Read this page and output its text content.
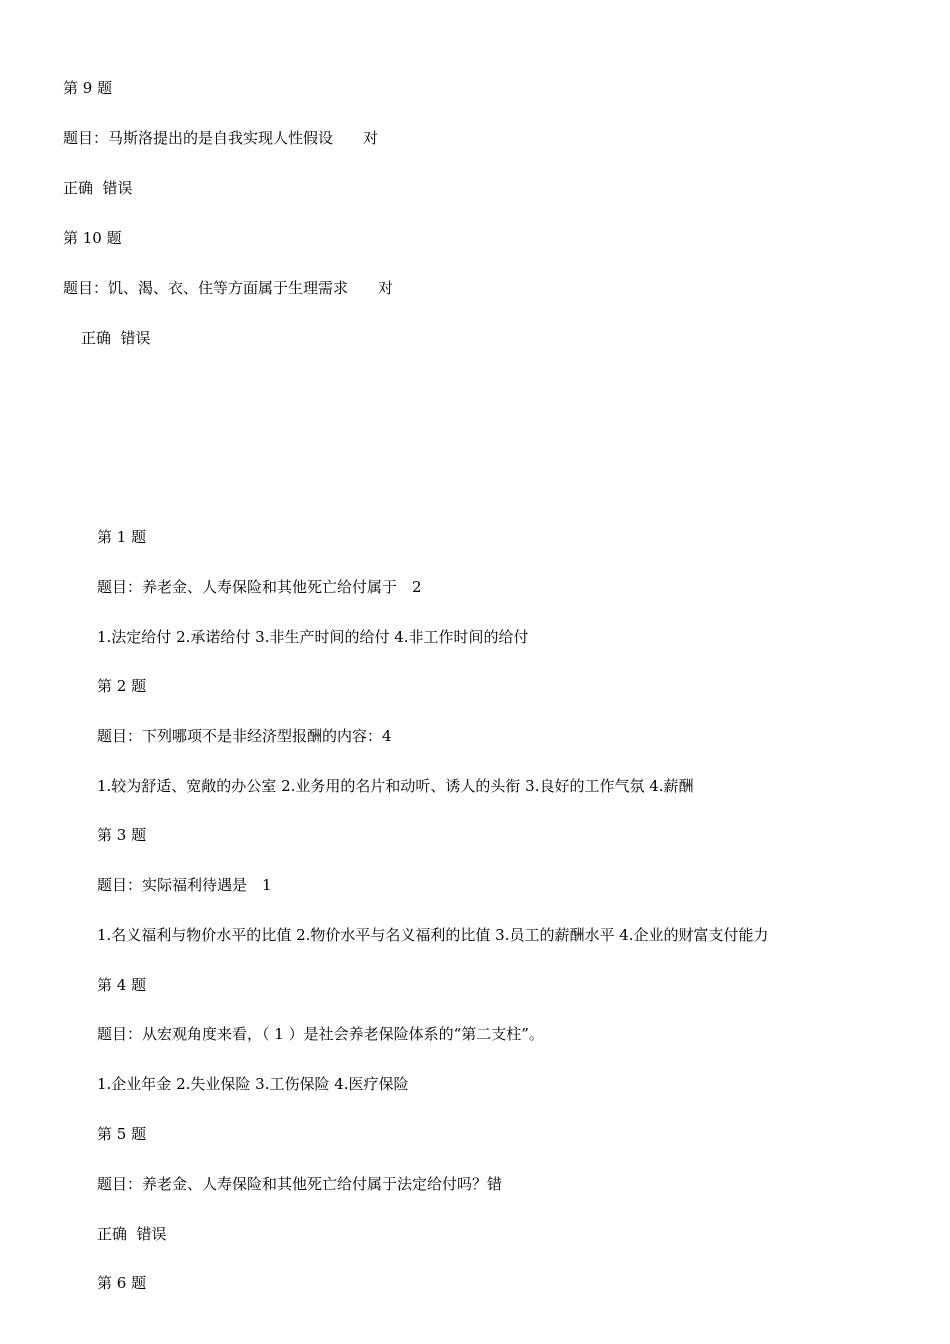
第 9 题
题目：马斯洛提出的是自我实现人性假设　　对
正确  错误
第 10 题
题目：饥、渴、衣、住等方面属于生理需求　　对
正确  错误
第 1 题
题目：养老金、人寿保险和其他死亡给付属于　2
1.法定给付 2.承诺给付 3.非生产时间的给付 4.非工作时间的给付
第 2 题
题目：下列哪项不是非经济型报酬的内容：4
1.较为舒适、宽敞的办公室 2.业务用的名片和动听、诱人的头衔 3.良好的工作气氛 4.薪酬
第 3 题
题目：实际福利待遇是　1
1.名义福利与物价水平的比值 2.物价水平与名义福利的比值 3.员工的薪酬水平 4.企业的财富支付能力
第 4 题
题目：从宏观角度来看，（ 1 ）是社会养老保险体系的“第二支柱”。
1.企业年金 2.失业保险 3.工伤保险 4.医疗保险
第 5 题
题目：养老金、人寿保险和其他死亡给付属于法定给付吗？错
正确  错误
第 6 题
